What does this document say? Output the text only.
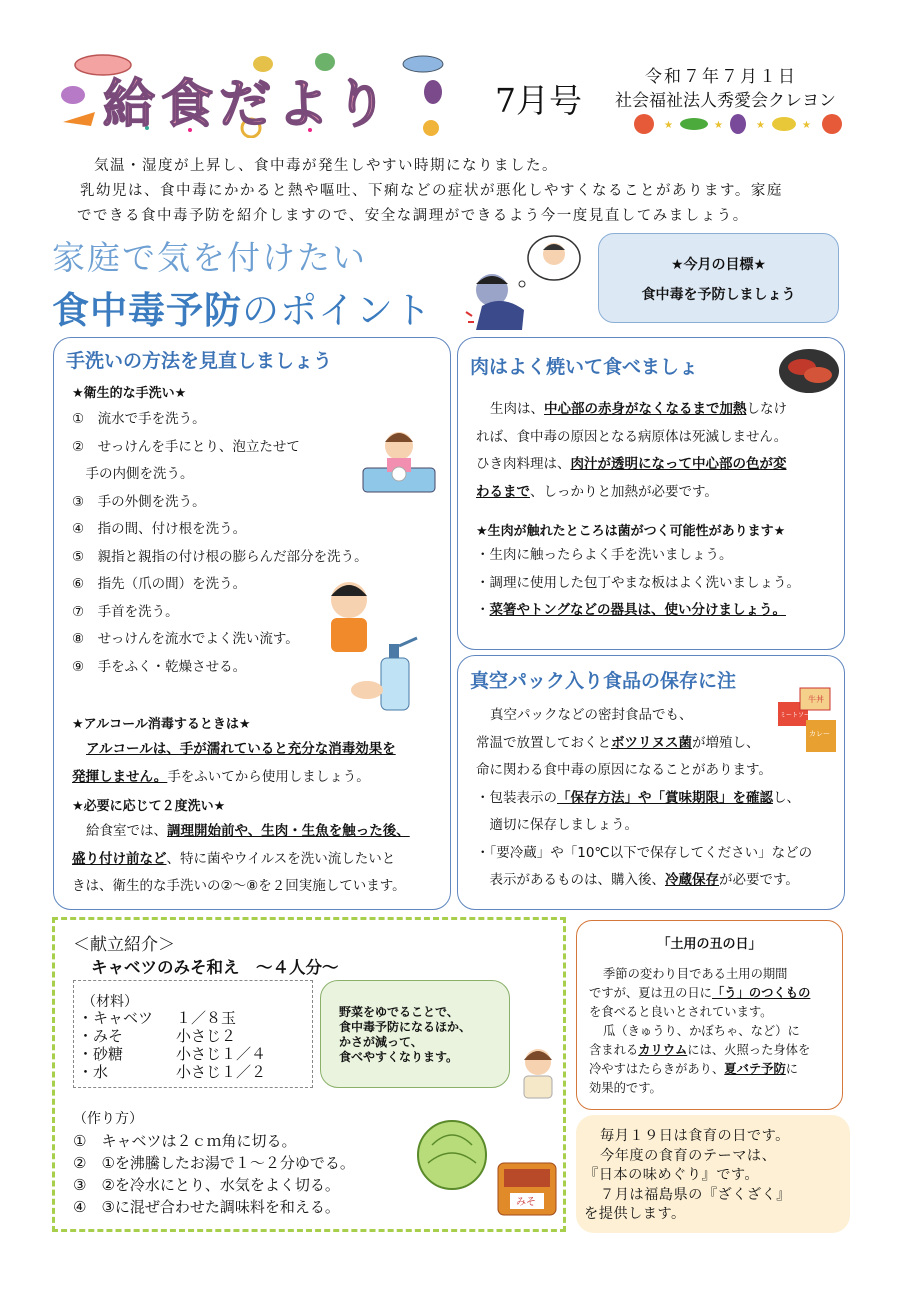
給食だより	7月号
令和７年７月１日
社会福祉法人秀愛会クレヨン
★	★	★	★

気温・湿度が上昇し、食中毒が発生しやすい時期になりました。

乳幼児は、食中毒にかかると熱や嘔吐、下痢などの症状が悪化しやすくなることがあります。家庭

でできる食中毒予防を紹介しますので、安全な調理ができるよう今一度見直してみましょう。

家庭で気を付けたい
食中毒予防のポイント
★今月の目標★
食中毒を予防しましょう
手洗いの方法を見直しましょう
★衛生的な手洗い★

①　流水で手を洗う。

②　せっけんを手にとり、泡立たせて

　手の内側を洗う。

③　手の外側を洗う。

④　指の間、付け根を洗う。

⑤　親指と親指の付け根の膨らんだ部分を洗う。

⑥　指先（爪の間）を洗う。

⑦　手首を洗う。

⑧　せっけんを流水でよく洗い流す。

⑨　手をふく・乾燥させる。

★アルコール消毒するときは★

アルコールは、手が濡れていると充分な消毒効果を

発揮しません。手をふいてから使用しましょう。

★必要に応じて２度洗い★

給食室では、調理開始前や、生肉・生魚を触った後、

盛り付け前など、特に菌やウイルスを洗い流したいと

きは、衛生的な手洗いの②～⑧を２回実施しています。

肉はよく焼いて食べましょ

生肉は、中心部の赤身がなくなるまで加熱しなけ

れば、食中毒の原因となる病原体は死滅しません。

ひき肉料理は、肉汁が透明になって中心部の色が変

わるまで、しっかりと加熱が必要です。

★生肉が触れたところは菌がつく可能性があります★

・生肉に触ったらよく手を洗いましょう。

・調理に使用した包丁やまな板はよく洗いましょう。

・菜箸やトングなどの器具は、使い分けましょう。

真空パック入り食品の保存に注
ミートソース
牛丼
カレー

真空パックなどの密封食品でも、

常温で放置しておくとボツリヌス菌が増殖し、

命に関わる食中毒の原因になることがあります。

・包装表示の「保存方法」や「賞味期限」を確認し、

　適切に保存しましょう。

・「要冷蔵」や「10℃以下で保存してください」などの

　表示があるものは、購入後、冷蔵保存が必要です。

＜献立紹介＞
キャベツのみそ和え　～４人分～
（材料）
・キャベツ １／８玉
・みそ	小さじ２
・砂糖	小さじ１／４
・水	小さじ１／２
（作り方）
①　キャベツは２ｃｍ角に切る。
②　①を沸騰したお湯で１～２分ゆでる。
③　②を冷水にとり、水気をよく切る。
④　③に混ぜ合わせた調味料を和える。	みそ
野菜をゆでることで、
食中毒予防になるほか、
かさが減って、
食べやすくなります。
「土用の丑の日」
季節の変わり目である土用の期間
ですが、夏は丑の日に「う」のつくもの
を食べると良いとされています。
瓜（きゅうり、かぼちゃ、など）に
含まれるカリウムには、火照った身体を
冷やすはたらきがあり、夏バテ予防に
効果的です。
毎月１９日は食育の日です。
今年度の食育のテーマは、
『日本の味めぐり』です。
７月は福島県の『ざくざく』
を提供します。
